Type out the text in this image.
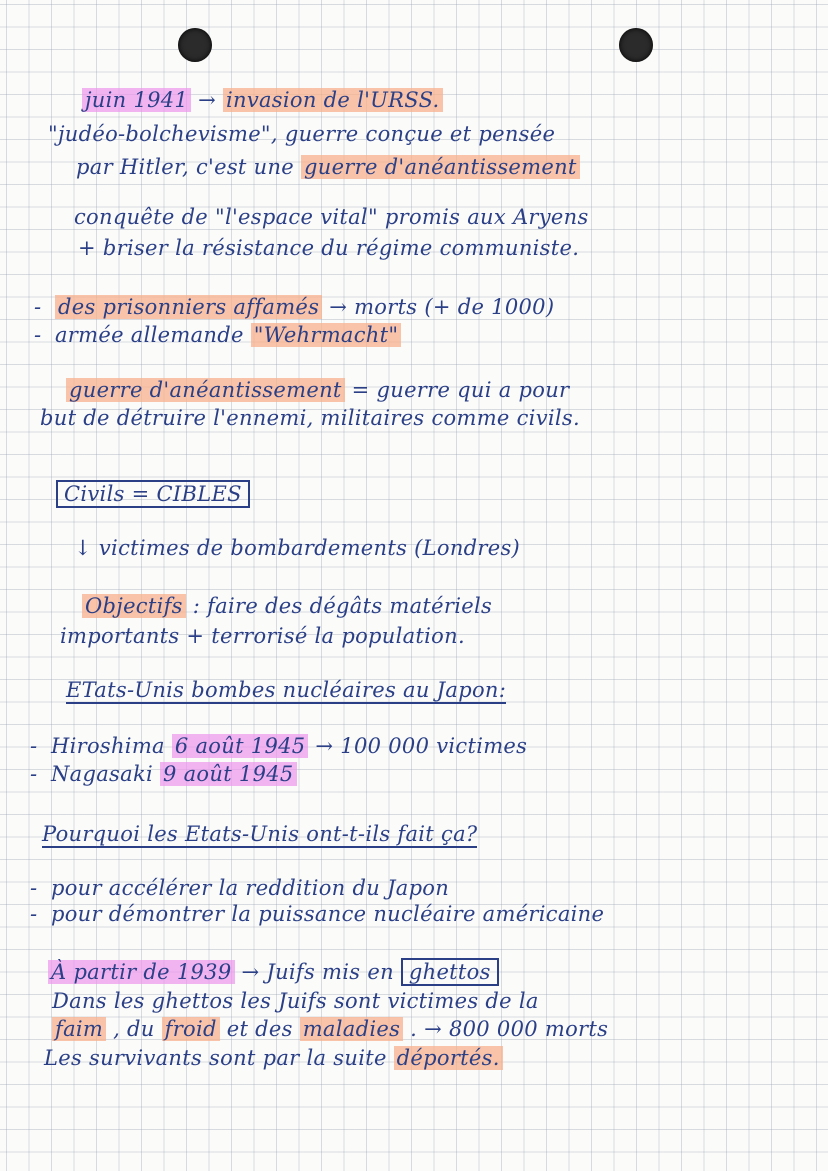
juin 1941 → invasion de l'URSS.
"judéo-bolchevisme", guerre conçue et pensée
par Hitler, c'est une guerre d'anéantissement
conquête de "l'espace vital" promis aux Aryens
+ briser la résistance du régime communiste.
- des prisonniers affamés → morts (+ de 1000)
- armée allemande "Wehrmacht"
guerre d'anéantissement = guerre qui a pour
but de détruire l'ennemi, militaires comme civils.
Civils = CIBLES
↓ victimes de bombardements (Londres)
Objectifs : faire des dégâts matériels
importants + terrorisé la population.
ETats-Unis bombes nucléaires au Japon:
- Hiroshima 6 août 1945 → 100 000 victimes
- Nagasaki 9 août 1945
Pourquoi les Etats-Unis ont-t-ils fait ça?
- pour accélérer la reddition du Japon
- pour démontrer la puissance nucléaire américaine
À partir de 1939 → Juifs mis en ghettos
Dans les ghettos les Juifs sont victimes de la
faim , du froid et des maladies . → 800 000 morts
Les survivants sont par la suite déportés.
